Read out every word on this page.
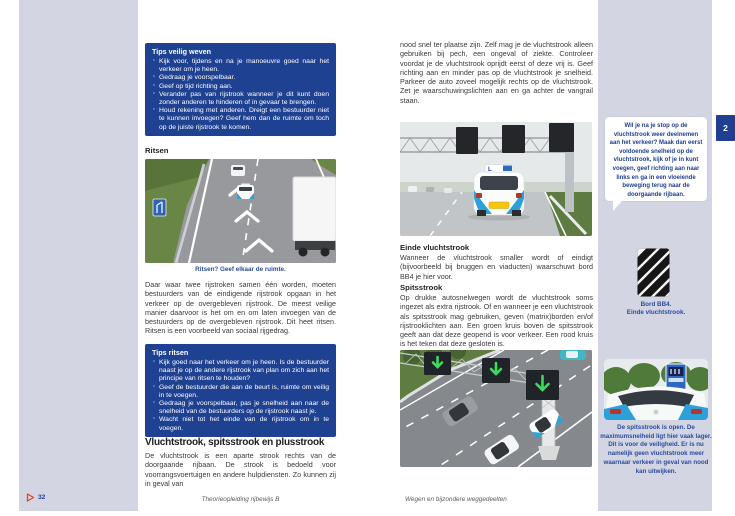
Tips veilig weven
· Kijk voor, tijdens en na je manoeuvre goed naar het verkeer om je heen.
· Gedraag je voorspelbaar.
· Geef op tijd richting aan.
· Verander pas van rijstrook wanneer je dit kunt doen zonder anderen te hinderen of in gevaar te brengen.
· Houd rekening met anderen. Dreigt een bestuurder niet te kunnen invoegen? Geef hem dan de ruimte om toch op de juiste rijstrook te komen.
Ritsen
Ritsen? Geef elkaar de ruimte.
Daar waar twee rijstroken samen één worden, moeten bestuurders van de eindigende rijstrook opgaan in het verkeer op de overgebleven rijstrook. De meest veilige manier daarvoor is het om en om laten invoegen van de bestuurders op de overgebleven rijstrook. Dit heet ritsen. Ritsen is een voorbeeld van sociaal rijgedrag.
Tips ritsen
· Kijk goed naar het verkeer om je heen. Is de bestuurder naast je op de andere rijstrook van plan om zich aan het principe van ritsen te houden?
· Geef de bestuurder die aan de beurt is, ruimte om veilig in te voegen.
· Gedraag je voorspelbaar, pas je snelheid aan naar de snelheid van de bestuurders op de rijstrook naast je.
· Wacht niet tot het einde van de rijstrook om in te voegen.
Vluchtstrook, spitsstrook en plusstrook
De vluchtstrook is een aparte strook rechts van de doorgaande rijbaan. De strook is bedoeld voor voorrangsvoertuigen en andere hulpdiensten. Zo kunnen zij in geval van
32	Theorieopleiding rijbewijs B
nood snel ter plaatse zijn. Zelf mag je de vluchtstrook alleen gebruiken bij pech, een ongeval of ziekte. Controleer voordat je de vluchtstrook oprijdt eerst of deze vrij is. Geef richting aan en minder pas op de vluchtstrook je snelheid. Parkeer de auto zoveel mogelijk rechts op de vluchtstrook. Zet je waarschuwingslichten aan en ga achter de vangrail staan.
L
Einde vluchtstrook
Wanneer de vluchtstrook smaller wordt of eindigt (bijvoorbeeld bij bruggen en viaducten) waarschuwt bord BB4 je hier voor.
Spitsstrook
Op drukke autosnelwegen wordt de vluchtstrook soms ingezet als extra rijstrook. Of en wanneer je een vluchtstrook als spitsstrook mag gebruiken, geven (matrix)borden en/of rijstrooklichten aan. Een groen kruis boven de spitsstrook geeft aan dat deze geopend is voor verkeer. Een rood kruis is het teken dat deze gesloten is.
Wegen en bijzondere weggedeelten
Wil je na je stop op de vluchtstrook weer deelnemen aan het verkeer? Maak dan eerst voldoende snelheid op de vluchtstrook, kijk of je in kunt voegen, geef richting aan naar links en ga in een vloeiende beweging terug naar de doorgaande rijbaan.
2
Bord BB4.
Einde vluchtstrook.
De spitsstrook is open. De maximumsnelheid ligt hier vaak lager. Dit is voor de veiligheid. Er is nu namelijk geen vluchtstrook meer waarnaar verkeer in geval van nood kan uitwijken.
